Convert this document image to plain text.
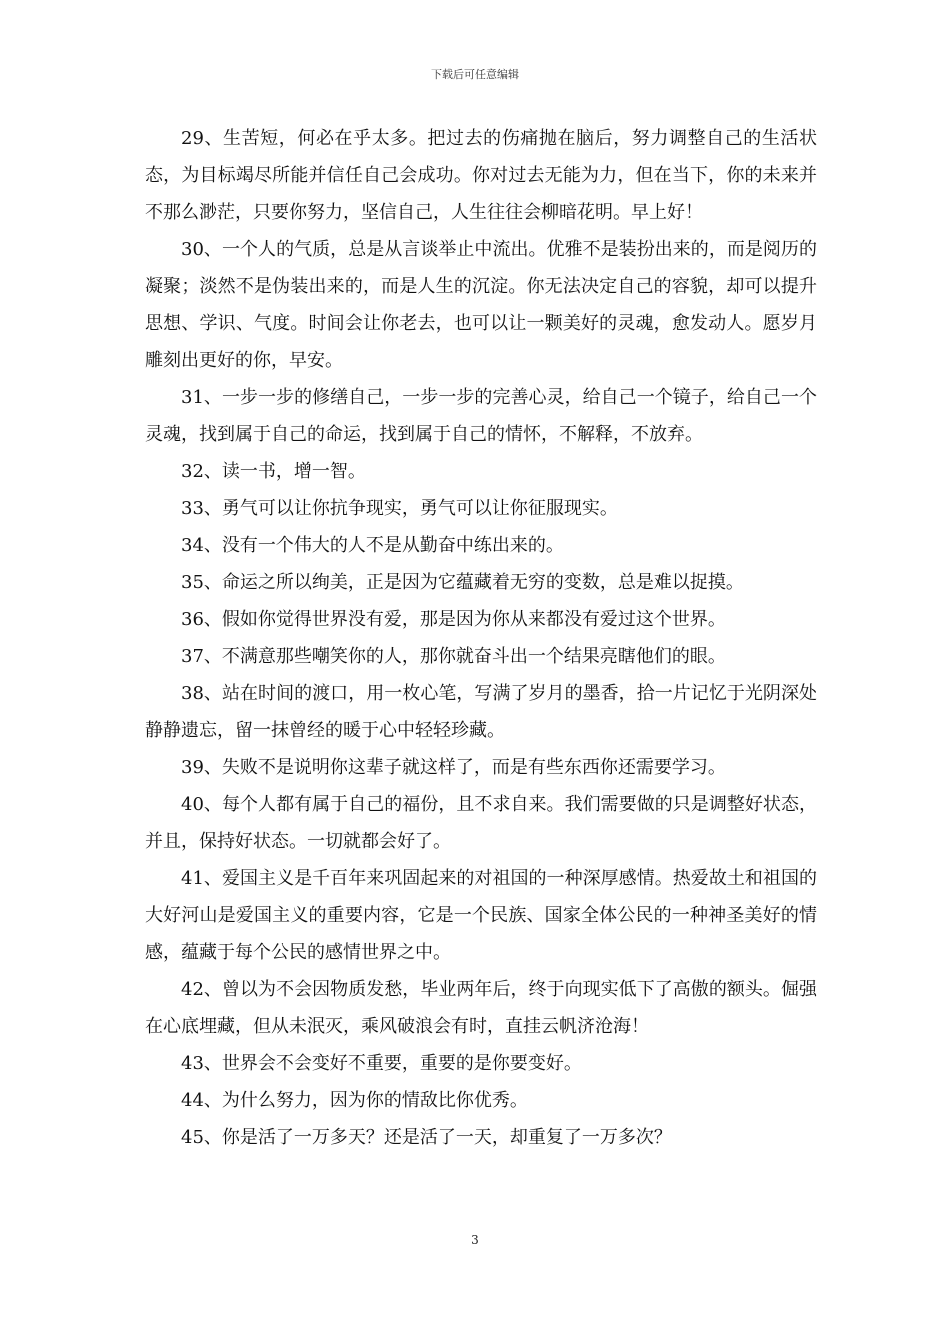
下载后可任意编辑

29、生苦短，何必在乎太多。把过去的伤痛抛在脑后，努力调整自己的生活状态，为目标竭尽所能并信任自己会成功。你对过去无能为力，但在当下，你的未来并不那么渺茫，只要你努力，坚信自己，人生往往会柳暗花明。早上好！

30、一个人的气质，总是从言谈举止中流出。优雅不是装扮出来的，而是阅历的凝聚；淡然不是伪装出来的，而是人生的沉淀。你无法决定自己的容貌，却可以提升思想、学识、气度。时间会让你老去，也可以让一颗美好的灵魂，愈发动人。愿岁月雕刻出更好的你，早安。

31、一步一步的修缮自己，一步一步的完善心灵，给自己一个镜子，给自己一个灵魂，找到属于自己的命运，找到属于自己的情怀，不解释，不放弃。

32、读一书，增一智。

33、勇气可以让你抗争现实，勇气可以让你征服现实。

34、没有一个伟大的人不是从勤奋中练出来的。

35、命运之所以绚美，正是因为它蕴藏着无穷的变数，总是难以捉摸。

36、假如你觉得世界没有爱，那是因为你从来都没有爱过这个世界。

37、不满意那些嘲笑你的人，那你就奋斗出一个结果亮瞎他们的眼。

38、站在时间的渡口，用一枚心笔，写满了岁月的墨香，拾一片记忆于光阴深处静静遗忘，留一抹曾经的暖于心中轻轻珍藏。

39、失败不是说明你这辈子就这样了，而是有些东西你还需要学习。

40、每个人都有属于自己的福份，且不求自来。我们需要做的只是调整好状态，并且，保持好状态。一切就都会好了。

41、爱国主义是千百年来巩固起来的对祖国的一种深厚感情。热爱故土和祖国的大好河山是爱国主义的重要内容，它是一个民族、国家全体公民的一种神圣美好的情感，蕴藏于每个公民的感情世界之中。

42、曾以为不会因物质发愁，毕业两年后，终于向现实低下了高傲的额头。倔强在心底埋藏，但从未泯灭，乘风破浪会有时，直挂云帆济沧海！

43、世界会不会变好不重要，重要的是你要变好。

44、为什么努力，因为你的情敌比你优秀。

45、你是活了一万多天？还是活了一天，却重复了一万多次？

3
